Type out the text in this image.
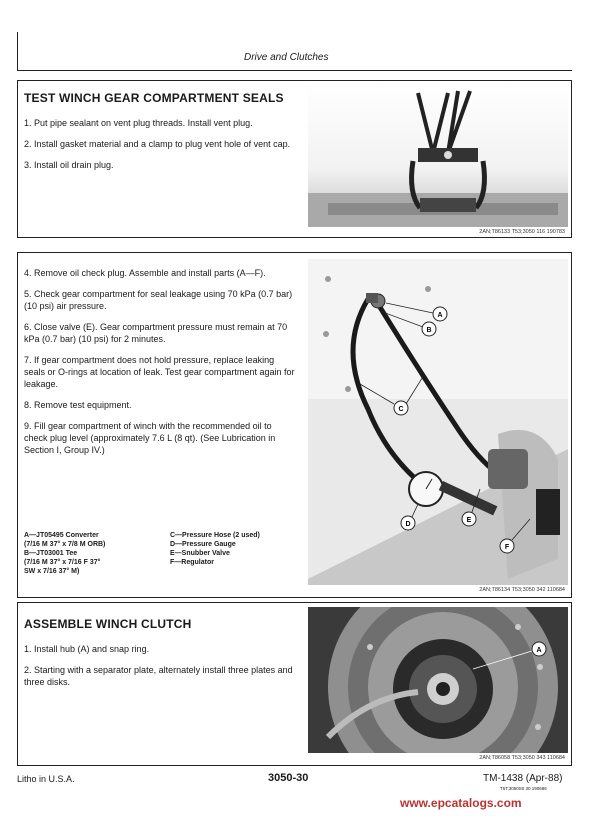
Drive and Clutches
TEST WINCH GEAR COMPARTMENT SEALS
1. Put pipe sealant on vent plug threads. Install vent plug.
2. Install gasket material and a clamp to plug vent hole of vent cap.
3. Install oil drain plug.
2AN;T86133 T53;3050 116 190783
4. Remove oil check plug. Assemble and install parts (A—F).
5. Check gear compartment for seal leakage using 70 kPa (0.7 bar) (10 psi) air pressure.
6. Close valve (E). Gear compartment pressure must remain at 70 kPa (0.7 bar) (10 psi) for 2 minutes.
7. If gear compartment does not hold pressure, replace leaking seals or O-rings at location of leak. Test gear compartment again for leakage.
8. Remove test equipment.
9. Fill gear compartment of winch with the recommended oil to check plug level (approximately 7.6 L (8 qt). (See Lubrication in Section I, Group IV.)
A—JT05495 Converter
(7/16 M 37° x 7/8 M ORB)
B—JT03001 Tee
(7/16 M 37° x 7/16 F 37°
SW x 7/16 37° M)
C—Pressure Hose (2 used)
D—Pressure Gauge
E—Snubber Valve
F—Regulator
A
B
C
D
E
F
2AN;T86134 T53;3050 342 110684
ASSEMBLE WINCH CLUTCH
1. Install hub (A) and snap ring.
2. Starting with a separator plate, alternately install three plates and three disks.
A
2AN;T86058 T53;3050 343 110684
Litho in U.S.A.	3050-30	TM-1438 (Apr-88)
T5T;3050S0 30 190686
www.epcatalogs.com
